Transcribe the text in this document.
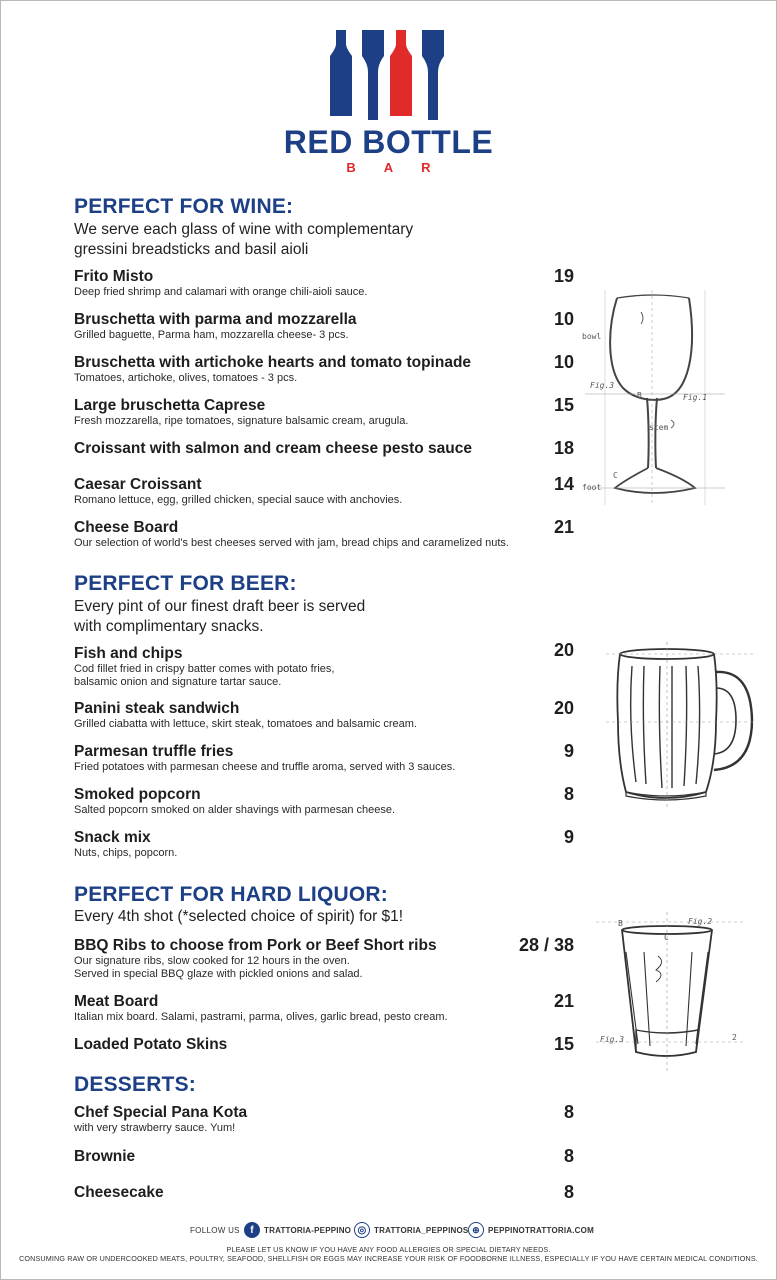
RED BOTTLE
BAR
PERFECT FOR WINE:
We serve each glass of wine with complementary
gressini breadsticks and basil aioli
Frito Misto
Deep fried shrimp and calamari with orange chili-aioli sauce.
19
Bruschetta with parma and mozzarella
Grilled baguette, Parma ham, mozzarella cheese- 3 pcs.
10
Bruschetta with artichoke hearts and tomato topinade
Tomatoes, artichoke, olives, tomatoes - 3 pcs.
10
Large bruschetta Caprese
Fresh mozzarella, ripe tomatoes, signature balsamic cream, arugula.
15
Croissant with salmon and cream cheese pesto sauce	18
Caesar Croissant
Romano lettuce, egg, grilled chicken, special sauce with anchovies.
14
Cheese Board
Our selection of world's best cheeses served with jam, bread chips and caramelized nuts.
21
bowl
stem
foot
Fig.3
Fig.1
B
C
PERFECT FOR BEER:
Every pint of our finest draft beer is served
with complimentary snacks.
Fish and chips
Cod fillet fried in crispy batter comes with potato fries,
balsamic onion and signature tartar sauce.
20
Panini steak sandwich
Grilled ciabatta with lettuce, skirt steak, tomatoes and balsamic cream.
20
Parmesan truffle fries
Fried potatoes with parmesan cheese and truffle aroma, served with 3 sauces.
9
Smoked popcorn
Salted popcorn smoked on alder shavings with parmesan cheese.
8
Snack mix
Nuts, chips, popcorn.
9
PERFECT FOR HARD LIQUOR:
Every 4th shot (*selected choice of spirit) for $1!
BBQ Ribs to choose from Pork or Beef Short ribs
Our signature ribs, slow cooked for 12 hours in the oven.
Served in special BBQ glaze with pickled onions and salad.
28 / 38
Meat Board
Italian mix board. Salami, pastrami, parma, olives, garlic bread, pesto cream.
21
Loaded Potato Skins	15
Fig.2
Fig.3
B
C
2
DESSERTS:
Chef Special Pana Kota
with very strawberry sauce. Yum!
8
Brownie	8
Cheesecake	8
FOLLOW US	f	TRATTORIA-PEPPINO ◎ TRATTORIA_PEPPINOS ⊕	PEPPINOTRATTORIA.COM
PLEASE LET US KNOW IF YOU HAVE ANY FOOD ALLERGIES OR SPECIAL DIETARY NEEDS.
CONSUMING RAW OR UNDERCOOKED MEATS, POULTRY, SEAFOOD, SHELLFISH OR EGGS MAY INCREASE YOUR RISK OF FOODBORNE ILLNESS, ESPECIALLY IF YOU HAVE CERTAIN MEDICAL CONDITIONS.
